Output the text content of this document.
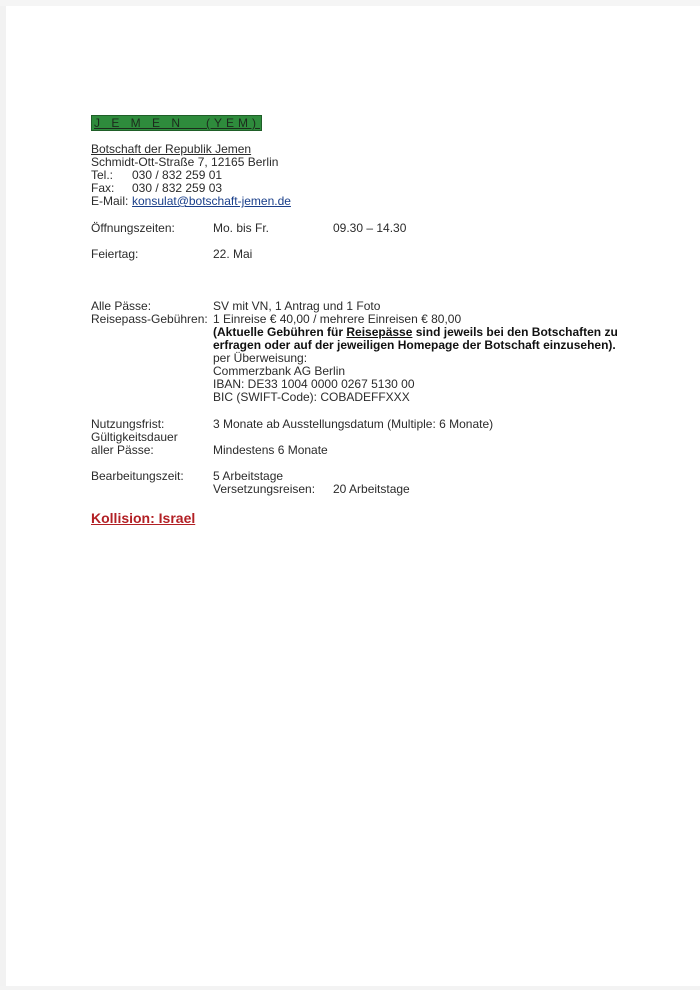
J E M E N   (YEM)
Botschaft der Republik Jemen
Schmidt-Ott-Straße 7, 12165 Berlin
Tel.: 030 / 832 259 01
Fax: 030 / 832 259 03
E-Mail: konsulat@botschaft-jemen.de
Öffnungszeiten:	Mo. bis Fr.	09.30 – 14.30
Feiertag:	22. Mai
Alle Pässe:	SV mit VN, 1 Antrag und 1 Foto
Reisepass-Gebühren: 1 Einreise € 40,00 / mehrere Einreisen € 80,00
(Aktuelle Gebühren für Reisepässe sind jeweils bei den Botschaften zu
erfragen oder auf der jeweiligen Homepage der Botschaft einzusehen).
per Überweisung:
Commerzbank AG Berlin
IBAN: DE33 1004 0000 0267 5130 00
BIC (SWIFT-Code): COBADEFFXXX
Nutzungsfrist:	3 Monate ab Ausstellungsdatum (Multiple: 6 Monate)
Gültigkeitsdauer
aller Pässe:	Mindestens 6 Monate
Bearbeitungszeit: 5 Arbeitstage
Versetzungsreisen: 20 Arbeitstage
Kollision: Israel
